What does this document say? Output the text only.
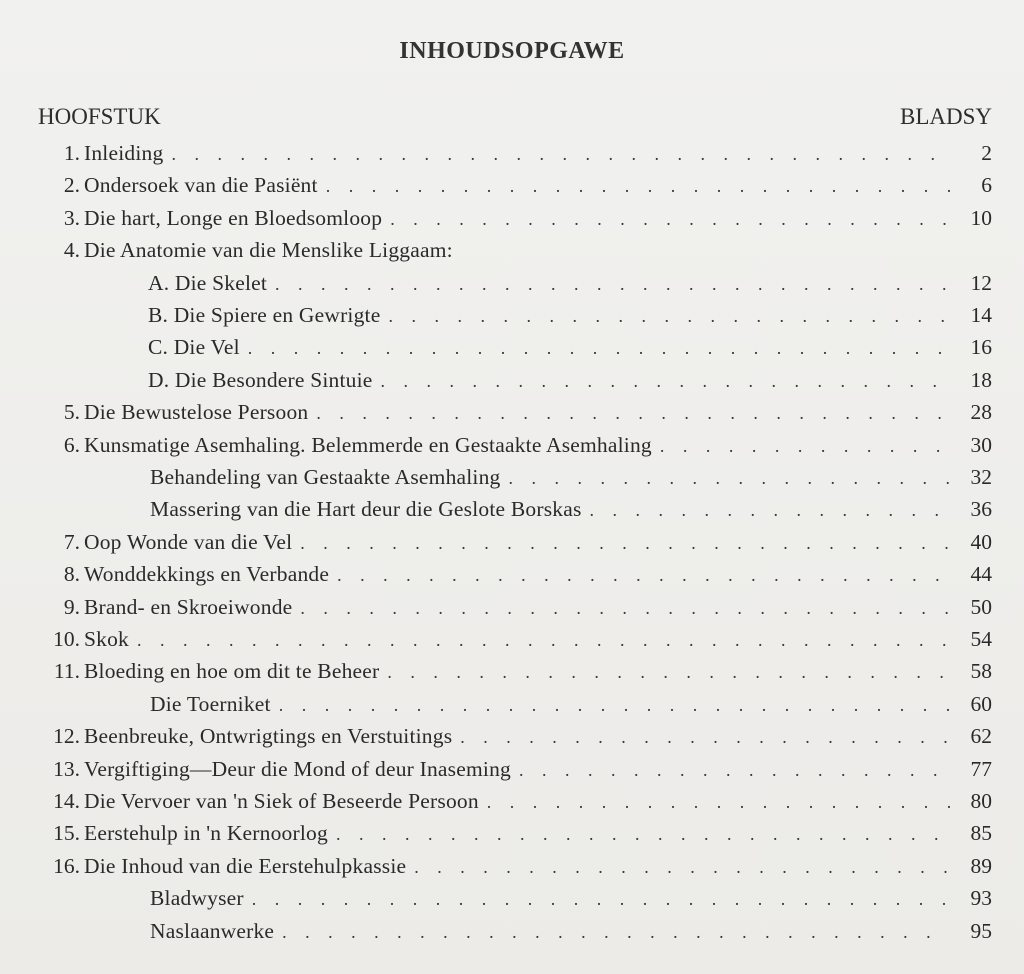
INHOUDSOPGAWE
HOOFSTUK	BLADSY
1. Inleiding . . .	2
2. Ondersoek van die Pasiënt . . .	6
3. Die hart, Longe en Bloedsomloop . . .	10
4. Die Anatomie van die Menslike Liggaam:
A. Die Skelet . . .	12
B. Die Spiere en Gewrigte . . .	14
C. Die Vel . . .	16
D. Die Besondere Sintuie . . .	18
5. Die Bewustelose Persoon . . .	28
6. Kunsmatige Asemhaling. Belemmerde en Gestaakte Asemhaling . . .	30
Behandeling van Gestaakte Asemhaling . . .	32
Massering van die Hart deur die Geslote Borskas . . .	36
7. Oop Wonde van die Vel . . .	40
8. Wonddekkings en Verbande . . .	44
9. Brand- en Skroeiwonde . . .	50
10. Skok . . .	54
11. Bloeding en hoe om dit te Beheer . . .	58
Die Toerniket . . .	60
12. Beenbreuke, Ontwrigtings en Verstuitings . . .	62
13. Vergiftiging—Deur die Mond of deur Inaseming . . .	77
14. Die Vervoer van 'n Siek of Beseerde Persoon . . .	80
15. Eerstehulp in 'n Kernoorlog . . .	85
16. Die Inhoud van die Eerstehulpkassie . . .	89
Bladwyser . . .	93
Naslaanwerke . . .	95
